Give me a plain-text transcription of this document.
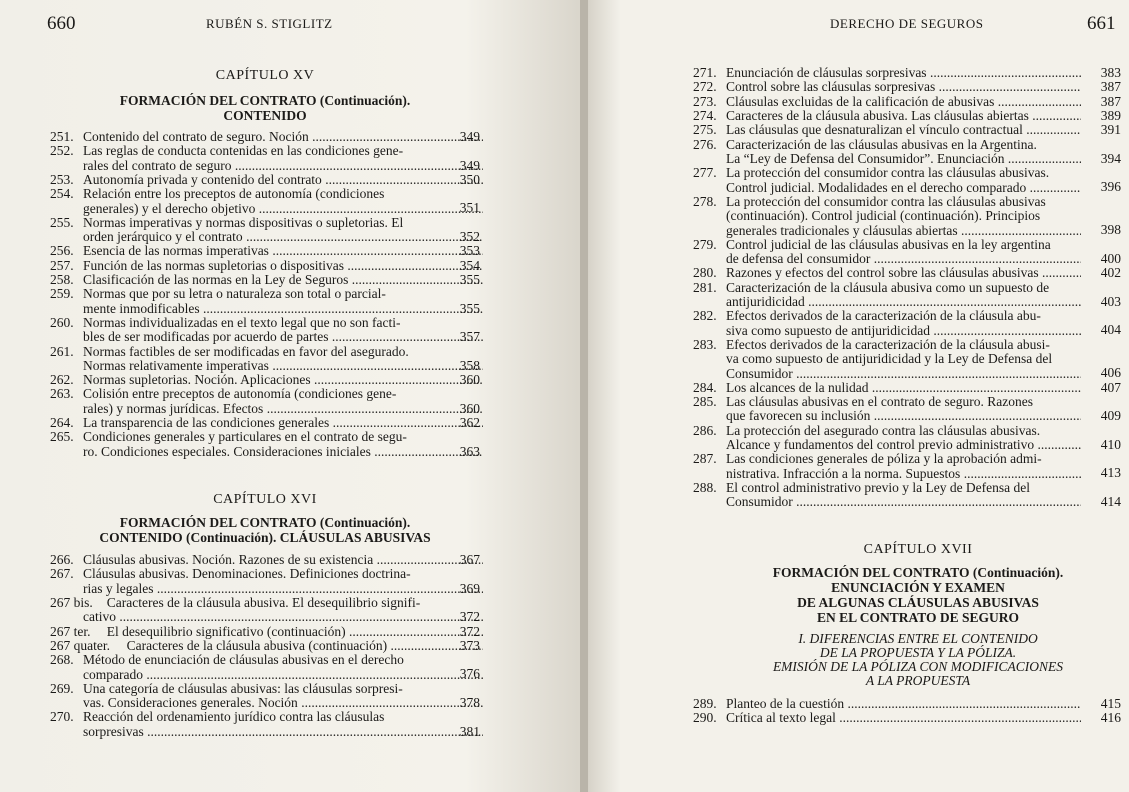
660	RUBÉN S. STIGLITZ
CAPÍTULO XV
FORMACIÓN DEL CONTRATO (Continuación).
CONTENIDO
251. Contenido del contrato de seguro. Noción .....	349
252. Las reglas de conducta contenidas en las condiciones gene-
rales del contrato de seguro .....	349
253. Autonomía privada y contenido del contrato .....	350
254. Relación entre los preceptos de autonomía (condiciones
generales) y el derecho objetivo .....	351
255. Normas imperativas y normas dispositivas o supletorias. El
orden jerárquico y el contrato .....	352
256. Esencia de las normas imperativas .....	353
257. Función de las normas supletorias o dispositivas .....	354
258. Clasificación de las normas en la Ley de Seguros .....	355
259. Normas que por su letra o naturaleza son total o parcial-
mente inmodificables .....	355
260. Normas individualizadas en el texto legal que no son facti-
bles de ser modificadas por acuerdo de partes .....	357
261. Normas factibles de ser modificadas en favor del asegurado.
Normas relativamente imperativas .....	358
262. Normas supletorias. Noción. Aplicaciones .....	360
263. Colisión entre preceptos de autonomía (condiciones gene-
rales) y normas jurídicas. Efectos .....	360
264. La transparencia de las condiciones generales .....	362
265. Condiciones generales y particulares en el contrato de segu-
ro. Condiciones especiales. Consideraciones iniciales .....	363
CAPÍTULO XVI
FORMACIÓN DEL CONTRATO (Continuación).
CONTENIDO (Continuación). CLÁUSULAS ABUSIVAS
266. Cláusulas abusivas. Noción. Razones de su existencia .....	367
267. Cláusulas abusivas. Denominaciones. Definiciones doctrina-
rias y legales .....	369
267 bis. Caracteres de la cláusula abusiva. El desequilibrio signifi-
cativo .....	372
267 ter. El desequilibrio significativo (continuación) .....	372
267 quater. Caracteres de la cláusula abusiva (continuación) .....	373
268. Método de enunciación de cláusulas abusivas en el derecho
comparado .....	376
269. Una categoría de cláusulas abusivas: las cláusulas sorpresi-
vas. Consideraciones generales. Noción .....	378
270. Reacción del ordenamiento jurídico contra las cláusulas
sorpresivas .....	381
DERECHO DE SEGUROS	661
271. Enunciación de cláusulas sorpresivas .....	383
272. Control sobre las cláusulas sorpresivas .....	387
273. Cláusulas excluidas de la calificación de abusivas .....	387
274. Caracteres de la cláusula abusiva. Las cláusulas abiertas .....	389
275. Las cláusulas que desnaturalizan el vínculo contractual .....	391
276. Caracterización de las cláusulas abusivas en la Argentina.
La “Ley de Defensa del Consumidor”. Enunciación .....	394
277. La protección del consumidor contra las cláusulas abusivas.
Control judicial. Modalidades en el derecho comparado .....	396
278. La protección del consumidor contra las cláusulas abusivas
(continuación). Control judicial (continuación). Principios
generales tradicionales y cláusulas abiertas .....	398
279. Control judicial de las cláusulas abusivas en la ley argentina
de defensa del consumidor .....	400
280. Razones y efectos del control sobre las cláusulas abusivas .....	402
281. Caracterización de la cláusula abusiva como un supuesto de
antijuridicidad .....	403
282. Efectos derivados de la caracterización de la cláusula abu-
siva como supuesto de antijuridicidad .....	404
283. Efectos derivados de la caracterización de la cláusula abusi-
va como supuesto de antijuridicidad y la Ley de Defensa del
Consumidor .....	406
284. Los alcances de la nulidad .....	407
285. Las cláusulas abusivas en el contrato de seguro. Razones
que favorecen su inclusión .....	409
286. La protección del asegurado contra las cláusulas abusivas.
Alcance y fundamentos del control previo administrativo .....	410
287. Las condiciones generales de póliza y la aprobación admi-
nistrativa. Infracción a la norma. Supuestos .....	413
288. El control administrativo previo y la Ley de Defensa del
Consumidor .....	414
CAPÍTULO XVII
FORMACIÓN DEL CONTRATO (Continuación).
ENUNCIACIÓN Y EXAMEN
DE ALGUNAS CLÁUSULAS ABUSIVAS
EN EL CONTRATO DE SEGURO
I. DIFERENCIAS ENTRE EL CONTENIDO
DE LA PROPUESTA Y LA PÓLIZA.
EMISIÓN DE LA PÓLIZA CON MODIFICACIONES
A LA PROPUESTA
289. Planteo de la cuestión .....	415
290. Crítica al texto legal .....	416
